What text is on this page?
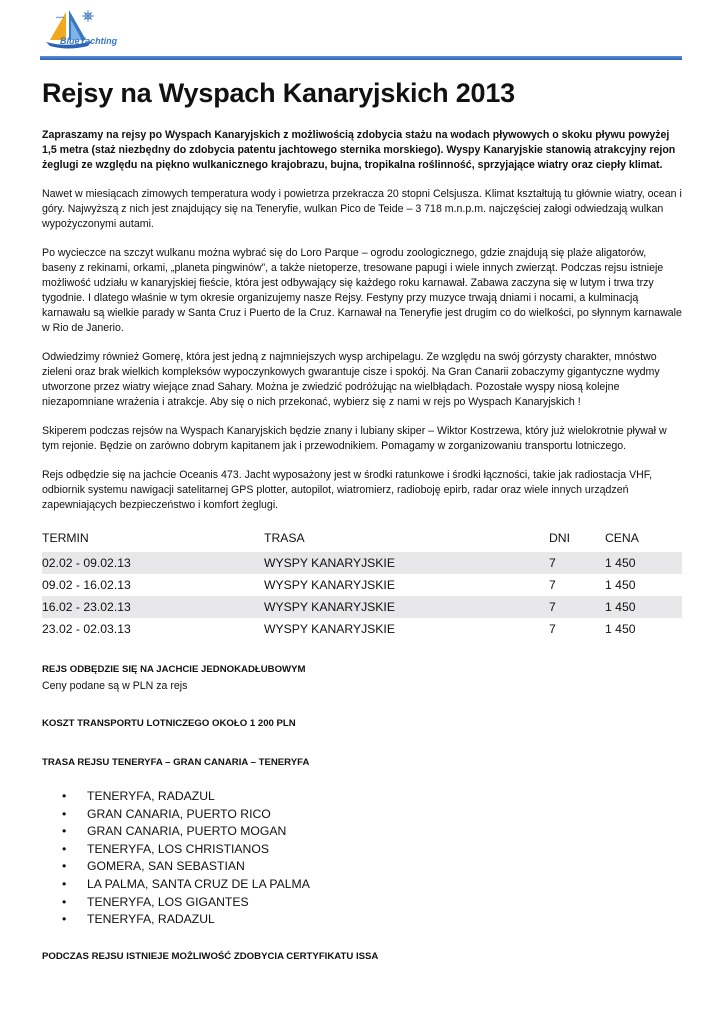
BlueYachting
Rejsy na Wyspach Kanaryjskich 2013

Zapraszamy na rejsy po Wyspach Kanaryjskich z możliwością zdobycia stażu na wodach pływowych o skoku pływu powyżej 1,5 metra (staż niezbędny do zdobycia patentu jachtowego sternika morskiego). Wyspy Kanaryjskie stanowią atrakcyjny rejon żeglugi ze względu na piękno wulkanicznego krajobrazu, bujna, tropikalna roślinność, sprzyjające wiatry oraz ciepły klimat.

Nawet w miesiącach zimowych temperatura wody i powietrza przekracza 20 stopni Celsjusza. Klimat kształtują tu głównie wiatry, ocean i góry. Najwyższą z nich jest znajdujący się na Teneryfie, wulkan Pico de Teide – 3 718 m.n.p.m. najczęściej załogi odwiedzają wulkan wypożyczonymi autami.

Po wycieczce na szczyt wulkanu można wybrać się do Loro Parque – ogrodu zoologicznego, gdzie znajdują się plaże aligatorów, baseny z rekinami, orkami, „planeta pingwinów”, a także nietoperze, tresowane papugi i wiele innych zwierząt. Podczas rejsu istnieje możliwość udziału w kanaryjskiej fieście, która jest odbywający się każdego roku karnawał. Zabawa zaczyna się w lutym i trwa trzy tygodnie. I dlatego właśnie w tym okresie organizujemy nasze Rejsy. Festyny przy muzyce trwają dniami i nocami, a kulminacją karnawału są wielkie parady w Santa Cruz i Puerto de la Cruz. Karnawał na Teneryfie jest drugim co do wielkości, po słynnym karnawale w Rio de Janerio.

Odwiedzimy również Gomerę, która jest jedną z najmniejszych wysp archipelagu. Ze względu na swój górzysty charakter, mnóstwo zieleni oraz brak wielkich kompleksów wypoczynkowych gwarantuje cisze i spokój. Na Gran Canarii zobaczymy gigantyczne wydmy utworzone przez wiatry wiejące znad Sahary. Można je zwiedzić podróżując na wielbłądach. Pozostałe wyspy niosą kolejne niezapomniane wrażenia i atrakcje. Aby się o nich przekonać, wybierz się z nami w rejs po Wyspach Kanaryjskich !

Skiperem podczas rejsów na Wyspach Kanaryjskich będzie znany i lubiany skiper – Wiktor Kostrzewa, który już wielokrotnie pływał w tym rejonie. Będzie on zarówno dobrym kapitanem jak i przewodnikiem. Pomagamy w zorganizowaniu transportu lotniczego.

Rejs odbędzie się na jachcie Oceanis 473. Jacht wyposażony jest w środki ratunkowe i środki łączności, takie jak radiostacja VHF, odbiornik systemu nawigacji satelitarnej GPS plotter, autopilot, wiatromierz, radioboję epirb, radar oraz wiele innych urządzeń zapewniających bezpieczeństwo i komfort żeglugi.

TERMIN	TRASA	DNI	CENA
02.02 - 09.02.13	WYSPY KANARYJSKIE	7	1 450
09.02 - 16.02.13	WYSPY KANARYJSKIE	7	1 450
16.02 - 23.02.13	WYSPY KANARYJSKIE	7	1 450
23.02 - 02.03.13	WYSPY KANARYJSKIE	7	1 450

REJS ODBĘDZIE SIĘ NA JACHCIE JEDNOKADŁUBOWYM

Ceny podane są w PLN za rejs

KOSZT TRANSPORTU LOTNICZEGO OKOŁO 1 200 PLN

TRASA REJSU TENERYFA – GRAN CANARIA – TENERYFA

• TENERYFA, RADAZUL
• GRAN CANARIA, PUERTO RICO
• GRAN CANARIA, PUERTO MOGAN
• TENERYFA, LOS CHRISTIANOS
• GOMERA, SAN SEBASTIAN
• LA PALMA, SANTA CRUZ DE LA PALMA
• TENERYFA, LOS GIGANTES
• TENERYFA, RADAZUL

PODCZAS REJSU ISTNIEJE MOŻLIWOŚĆ ZDOBYCIA CERTYFIKATU ISSA
